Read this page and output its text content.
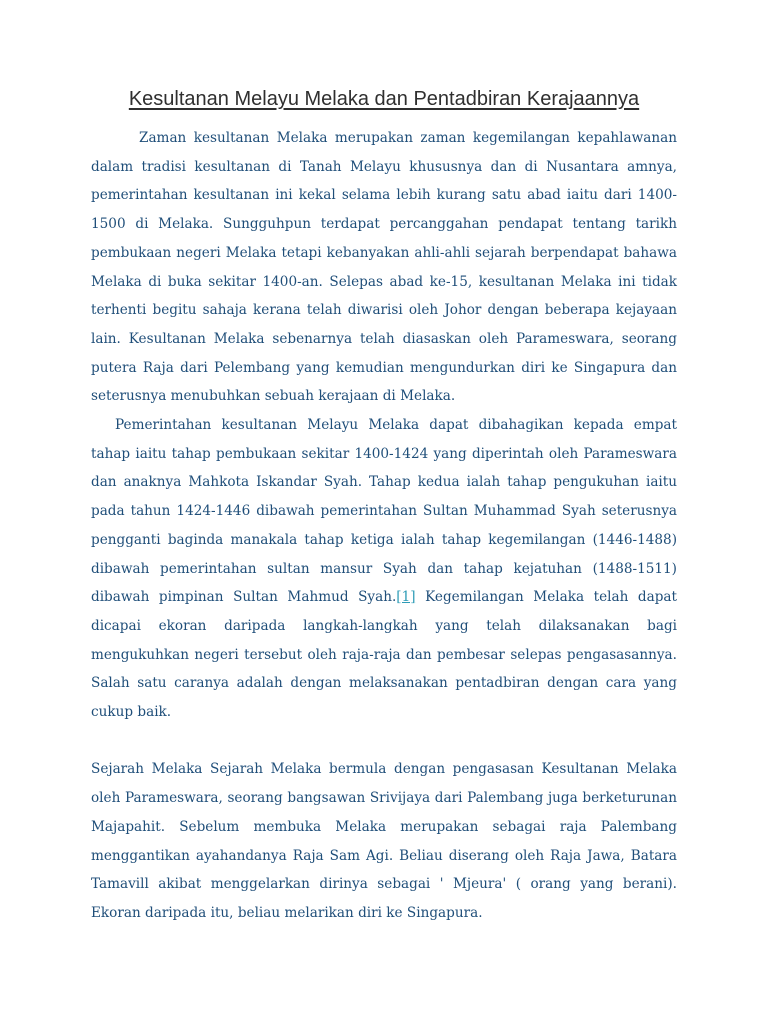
Kesultanan Melayu Melaka dan Pentadbiran Kerajaannya

Zaman kesultanan Melaka merupakan zaman kegemilangan kepahlawanan dalam tradisi kesultanan di Tanah Melayu khususnya dan di Nusantara amnya, pemerintahan kesultanan ini kekal selama lebih kurang satu abad iaitu dari 1400-1500 di Melaka. Sungguhpun terdapat percanggahan pendapat tentang tarikh pembukaan negeri Melaka tetapi kebanyakan ahli-ahli sejarah berpendapat bahawa Melaka di buka sekitar 1400-an. Selepas abad ke-15, kesultanan Melaka ini tidak terhenti begitu sahaja kerana telah diwarisi oleh Johor dengan beberapa kejayaan lain. Kesultanan Melaka sebenarnya telah diasaskan oleh Parameswara, seorang putera Raja dari Pelembang yang kemudian mengundurkan diri ke Singapura dan seterusnya menubuhkan sebuah kerajaan di Melaka.

Pemerintahan kesultanan Melayu Melaka dapat dibahagikan kepada empat tahap iaitu tahap pembukaan sekitar 1400-1424 yang diperintah oleh Parameswara dan anaknya Mahkota Iskandar Syah. Tahap kedua ialah tahap pengukuhan iaitu pada tahun 1424-1446 dibawah pemerintahan Sultan Muhammad Syah seterusnya pengganti baginda manakala tahap ketiga ialah tahap kegemilangan (1446-1488) dibawah pemerintahan sultan mansur Syah dan tahap kejatuhan (1488-1511) dibawah pimpinan Sultan Mahmud Syah.[1] Kegemilangan Melaka telah dapat dicapai ekoran daripada langkah-langkah yang telah dilaksanakan bagi mengukuhkan negeri tersebut oleh raja-raja dan pembesar selepas pengasasannya. Salah satu caranya adalah dengan melaksanakan pentadbiran dengan cara yang cukup baik.

Sejarah Melaka Sejarah Melaka bermula dengan pengasasan Kesultanan Melaka oleh Parameswara, seorang bangsawan Srivijaya dari Palembang juga berketurunan Majapahit. Sebelum membuka Melaka merupakan sebagai raja Palembang menggantikan ayahandanya Raja Sam Agi. Beliau diserang oleh Raja Jawa, Batara Tamavill akibat menggelarkan dirinya sebagai ' Mjeura' ( orang yang berani). Ekoran daripada itu, beliau melarikan diri ke Singapura.
